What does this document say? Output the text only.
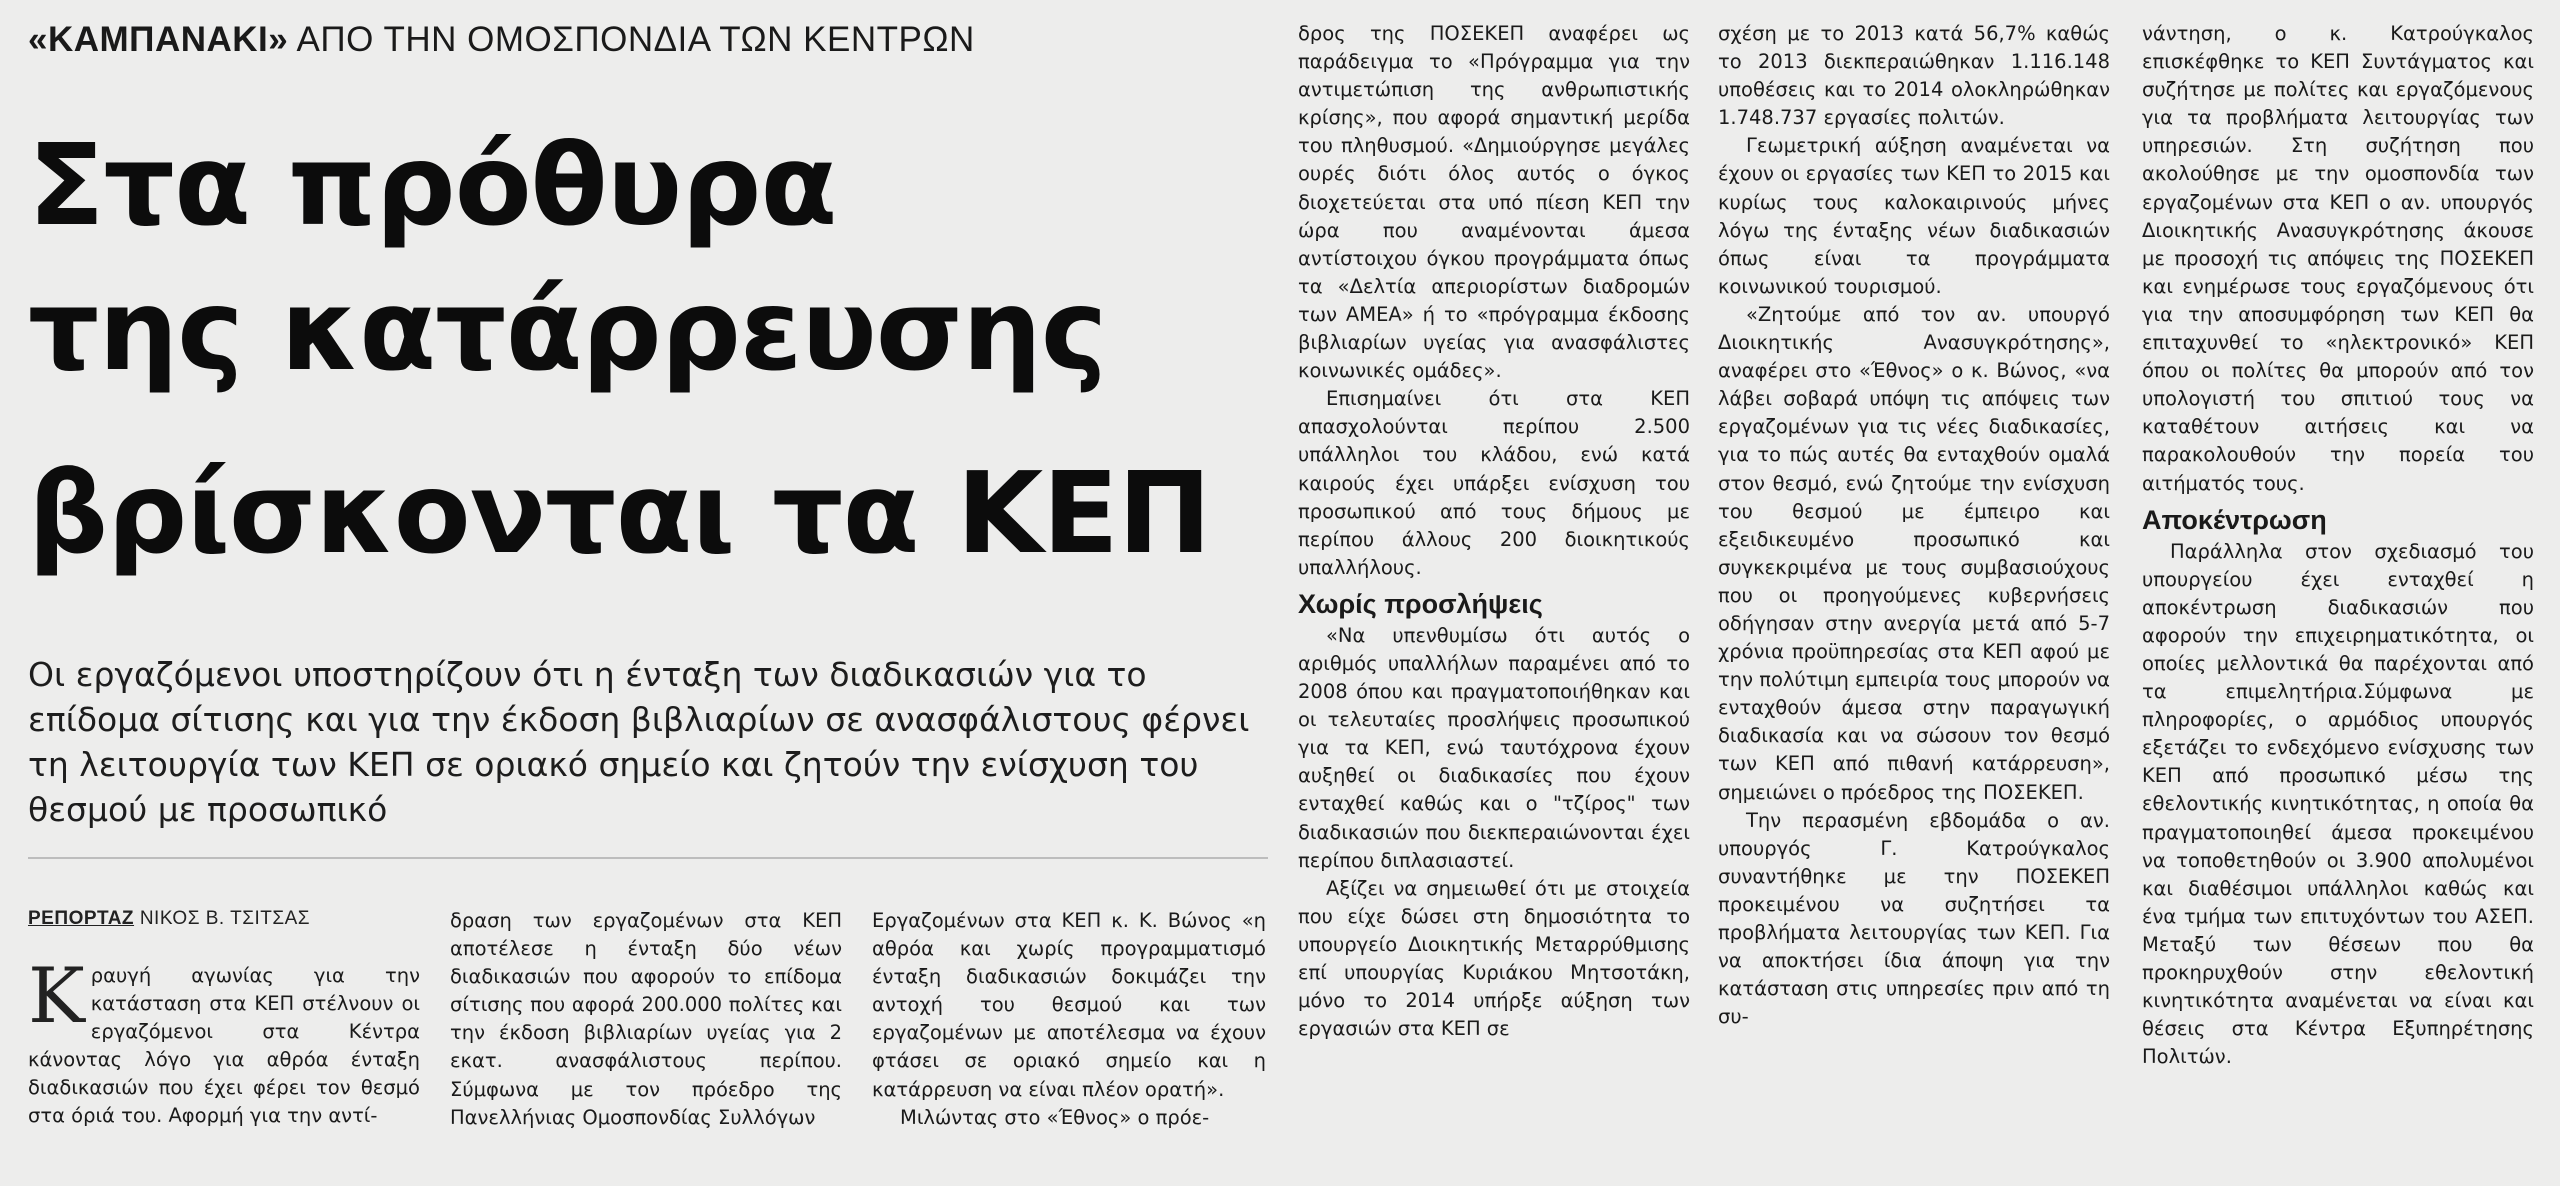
«ΚΑΜΠΑΝΑΚΙ» ΑΠΟ ΤΗΝ ΟΜΟΣΠΟΝΔΙΑ ΤΩΝ ΚΕΝΤΡΩΝ
Στα πρόθυρα
της κατάρρευσης
βρίσκονται τα ΚΕΠ
Οι εργαζόμενοι υποστηρίζουν ότι η ένταξη των διαδικασιών για το επίδομα σίτισης και για την έκδοση βιβλιαρίων σε ανασφάλιστους φέρνει τη λειτουργία των ΚΕΠ σε οριακό σημείο και ζητούν την ενίσχυση του θεσμού με προσωπικό
ΡΕΠΟΡΤΑΖ ΝΙΚΟΣ Β. ΤΣΙΤΣΑΣ
Κ ραυγή αγωνίας για την κατάσταση στα ΚΕΠ στέλνουν οι εργαζόμενοι στα Κέντρα κάνοντας λόγο για αθρόα ένταξη διαδικασιών που έχει φέρει τον θεσμό στα όριά του. Αφορμή για την αντί-

δραση των εργαζομένων στα ΚΕΠ αποτέλεσε η ένταξη δύο νέων διαδικασιών που αφορούν το επίδομα σίτισης που αφορά 200.000 πολίτες και την έκδοση βιβλιαρίων υγείας για 2 εκατ. ανασφάλιστους περίπου. Σύμφωνα με τον πρόεδρο της Πανελλήνιας Ομοσπονδίας Συλλόγων

Εργαζομένων στα ΚΕΠ κ. Κ. Βώνος «η αθρόα και χωρίς προγραμματισμό ένταξη διαδικασιών δοκιμάζει την αντοχή του θεσμού και των εργαζομένων με αποτέλεσμα να έχουν φτάσει σε οριακό σημείο και η κατάρρευση να είναι πλέον ορατή».

Μιλώντας στο «Έθνος» ο πρόε-

δρος της ΠΟΣΕΚΕΠ αναφέρει ως παράδειγμα το «Πρόγραμμα για την αντιμετώπιση της ανθρωπιστικής κρίσης», που αφορά σημαντική μερίδα του πληθυσμού. «Δημιούργησε μεγάλες ουρές διότι όλος αυτός ο όγκος διοχετεύεται στα υπό πίεση ΚΕΠ την ώρα που αναμένονται άμεσα αντίστοιχου όγκου προγράμματα όπως τα «Δελτία απεριορίστων διαδρομών των ΑΜΕΑ» ή το «πρόγραμμα έκδοσης βιβλιαρίων υγείας για ανασφάλιστες κοινωνικές ομάδες».

Επισημαίνει ότι στα ΚΕΠ απασχολούνται περίπου 2.500 υπάλληλοι του κλάδου, ενώ κατά καιρούς έχει υπάρξει ενίσχυση του προσωπικού από τους δήμους με περίπου άλλους 200 διοικητικούς υπαλλήλους.

Χωρίς προσλήψεις

«Να υπενθυμίσω ότι αυτός ο αριθμός υπαλλήλων παραμένει από το 2008 όπου και πραγματοποιήθηκαν και οι τελευταίες προσλήψεις προσωπικού για τα ΚΕΠ, ενώ ταυτόχρονα έχουν αυξηθεί οι διαδικασίες που έχουν ενταχθεί καθώς και ο "τζίρος" των διαδικασιών που διεκπεραιώνονται έχει περίπου διπλασιαστεί.

Αξίζει να σημειωθεί ότι με στοιχεία που είχε δώσει στη δημοσιότητα το υπουργείο Διοικητικής Μεταρρύθμισης επί υπουργίας Κυριάκου Μητσοτάκη, μόνο το 2014 υπήρξε αύξηση των εργασιών στα ΚΕΠ σε

σχέση με το 2013 κατά 56,7% καθώς το 2013 διεκπεραιώθηκαν 1.116.148 υποθέσεις και το 2014 ολοκληρώθηκαν 1.748.737 εργασίες πολιτών.

Γεωμετρική αύξηση αναμένεται να έχουν οι εργασίες των ΚΕΠ το 2015 και κυρίως τους καλοκαιρινούς μήνες λόγω της ένταξης νέων διαδικασιών όπως είναι τα προγράμματα κοινωνικού τουρισμού.

«Ζητούμε από τον αν. υπουργό Διοικητικής Ανασυγκρότησης», αναφέρει στο «Έθνος» ο κ. Βώνος, «να λάβει σοβαρά υπόψη τις απόψεις των εργαζομένων για τις νέες διαδικασίες, για το πώς αυτές θα ενταχθούν ομαλά στον θεσμό, ενώ ζητούμε την ενίσχυση του θεσμού με έμπειρο και εξειδικευμένο προσωπικό και συγκεκριμένα με τους συμβασιούχους που οι προηγούμενες κυβερνήσεις οδήγησαν στην ανεργία μετά από 5-7 χρόνια προϋπηρεσίας στα ΚΕΠ αφού με την πολύτιμη εμπειρία τους μπορούν να ενταχθούν άμεσα στην παραγωγική διαδικασία και να σώσουν τον θεσμό των ΚΕΠ από πιθανή κατάρρευση», σημειώνει ο πρόεδρος της ΠΟΣΕΚΕΠ.

Την περασμένη εβδομάδα ο αν. υπουργός Γ. Κατρούγκαλος συναντήθηκε με την ΠΟΣΕΚΕΠ προκειμένου να συζητήσει τα προβλήματα λειτουργίας των ΚΕΠ. Για να αποκτήσει ίδια άποψη για την κατάσταση στις υπηρεσίες πριν από τη συ-

νάντηση, ο κ. Κατρούγκαλος επισκέφθηκε το ΚΕΠ Συντάγματος και συζήτησε με πολίτες και εργαζόμενους για τα προβλήματα λειτουργίας των υπηρεσιών. Στη συζήτηση που ακολούθησε με την ομοσπονδία των εργαζομένων στα ΚΕΠ ο αν. υπουργός Διοικητικής Ανασυγκρότησης άκουσε με προσοχή τις απόψεις της ΠΟΣΕΚΕΠ και ενημέρωσε τους εργαζόμενους ότι για την αποσυμφόρηση των ΚΕΠ θα επιταχυνθεί το «ηλεκτρονικό» ΚΕΠ όπου οι πολίτες θα μπορούν από τον υπολογιστή του σπιτιού τους να καταθέτουν αιτήσεις και να παρακολουθούν την πορεία του αιτήματός τους.

Αποκέντρωση

Παράλληλα στον σχεδιασμό του υπουργείου έχει ενταχθεί η αποκέντρωση διαδικασιών που αφορούν την επιχειρηματικότητα, οι οποίες μελλοντικά θα παρέχονται από τα επιμελητήρια.Σύμφωνα με πληροφορίες, ο αρμόδιος υπουργός εξετάζει το ενδεχόμενο ενίσχυσης των ΚΕΠ από προσωπικό μέσω της εθελοντικής κινητικότητας, η οποία θα πραγματοποιηθεί άμεσα προκειμένου να τοποθετηθούν οι 3.900 απολυμένοι και διαθέσιμοι υπάλληλοι καθώς και ένα τμήμα των επιτυχόντων του ΑΣΕΠ. Μεταξύ των θέσεων που θα προκηρυχθούν στην εθελοντική κινητικότητα αναμένεται να είναι και θέσεις στα Κέντρα Εξυπηρέτησης Πολιτών.
